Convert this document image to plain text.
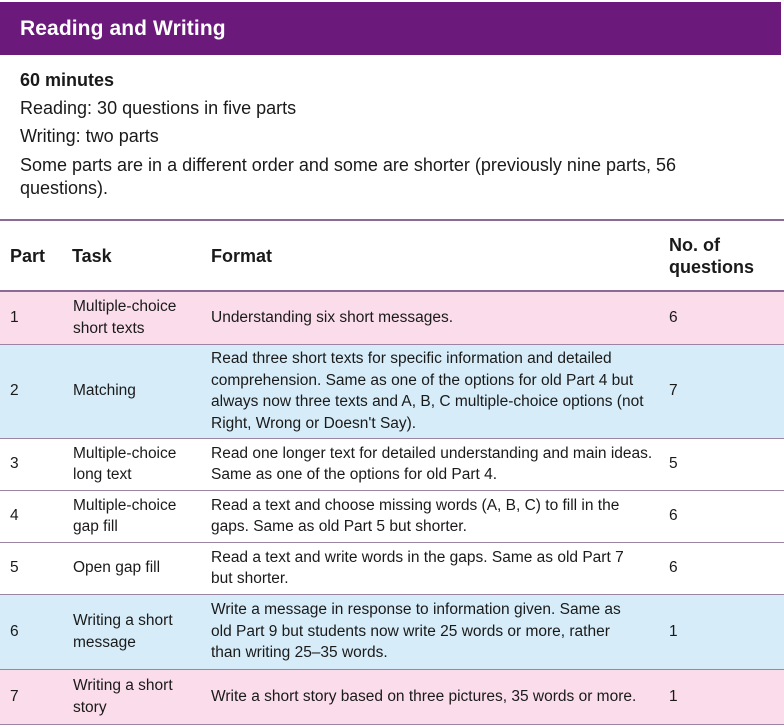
Reading and Writing
60 minutes
Reading: 30 questions in five parts
Writing: two parts
Some parts are in a different order and some are shorter (previously nine parts, 56 questions).
Part	Task	Format	No. of questions

1	Multiple-choice short texts	Understanding six short messages.	6
2	Matching	Read three short texts for specific information and detailed comprehension. Same as one of the options for old Part 4 but always now three texts and A, B, C multiple-choice options (not Right, Wrong or Doesn't Say).	7
3	Multiple-choice long text	Read one longer text for detailed understanding and main ideas. Same as one of the options for old Part 4.	5
4	Multiple-choice gap fill	Read a text and choose missing words (A, B, C) to fill in the gaps. Same as old Part 5 but shorter.	6
5	Open gap fill	Read a text and write words in the gaps. Same as old Part 7 but shorter.	6
6	Writing a short message	Write a message in response to information given. Same as old Part 9 but students now write 25 words or more, rather than writing 25–35 words.	1
7	Writing a short story	Write a short story based on three pictures, 35 words or more.	1
